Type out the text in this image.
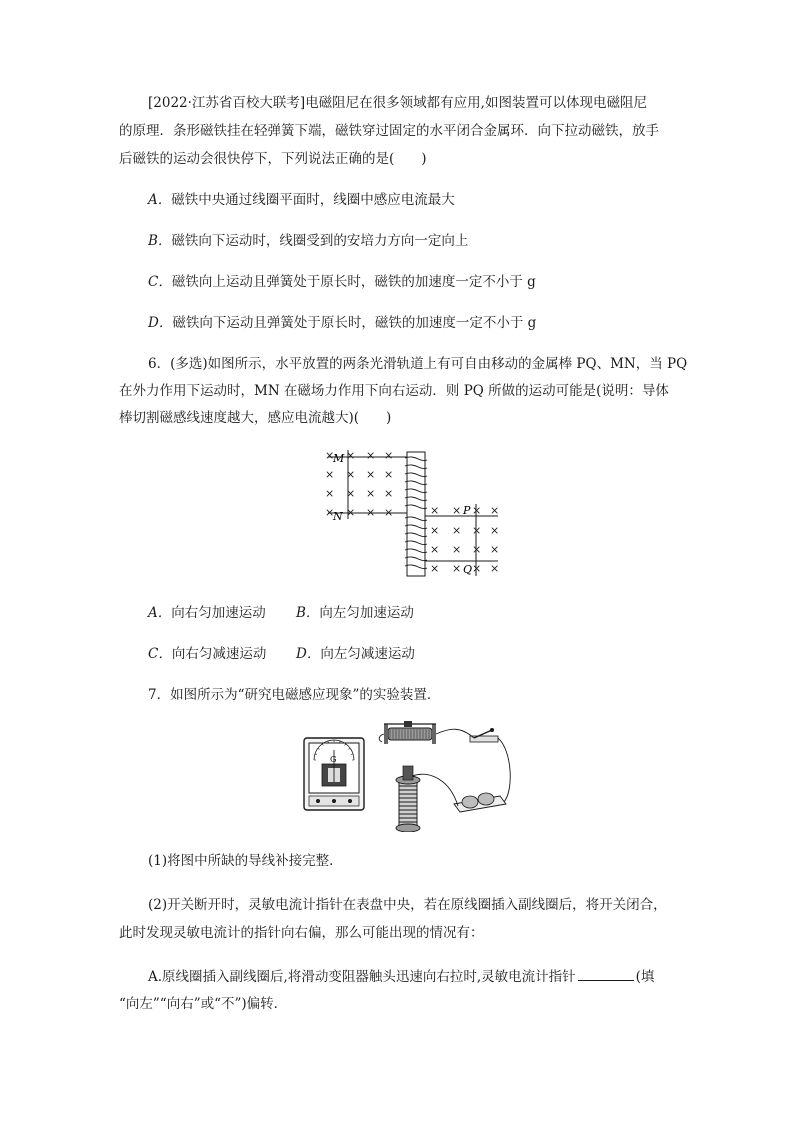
[2022·江苏省百校大联考]电磁阻尼在很多领域都有应用,如图装置可以体现电磁阻尼
的原理．条形磁铁挂在轻弹簧下端，磁铁穿过固定的水平闭合金属环．向下拉动磁铁，放手
后磁铁的运动会很快停下，下列说法正确的是(　　)
A．磁铁中央通过线圈平面时，线圈中感应电流最大
B．磁铁向下运动时，线圈受到的安培力方向一定向上
C．磁铁向上运动且弹簧处于原长时，磁铁的加速度一定不小于 g
D．磁铁向下运动且弹簧处于原长时，磁铁的加速度一定不小于 g
6．(多选)如图所示，水平放置的两条光滑轨道上有可自由移动的金属棒 PQ、MN，当 PQ
在外力作用下运动时，MN 在磁场力作用下向右运动．则 PQ 所做的运动可能是(说明：导体
棒切割磁感线速度越大，感应电流越大)(　　)
× × × ×
× × × ×
× × × ×
× × × ×	× × × ×
× × × ×
× × × ×
× × × ×
M
N	P
Q
A．向右匀加速运动 B．向左匀加速运动
C．向右匀减速运动 D．向左匀减速运动
7．如图所示为“研究电磁感应现象”的实验装置．
G
(1)将图中所缺的导线补接完整．
(2)开关断开时，灵敏电流计指针在表盘中央，若在原线圈插入副线圈后，将开关闭合，
此时发现灵敏电流计的指针向右偏，那么可能出现的情况有：
A.原线圈插入副线圈后,将滑动变阻器触头迅速向右拉时,灵敏电流计指针	(填
“向左”“向右”或“不”)偏转．
